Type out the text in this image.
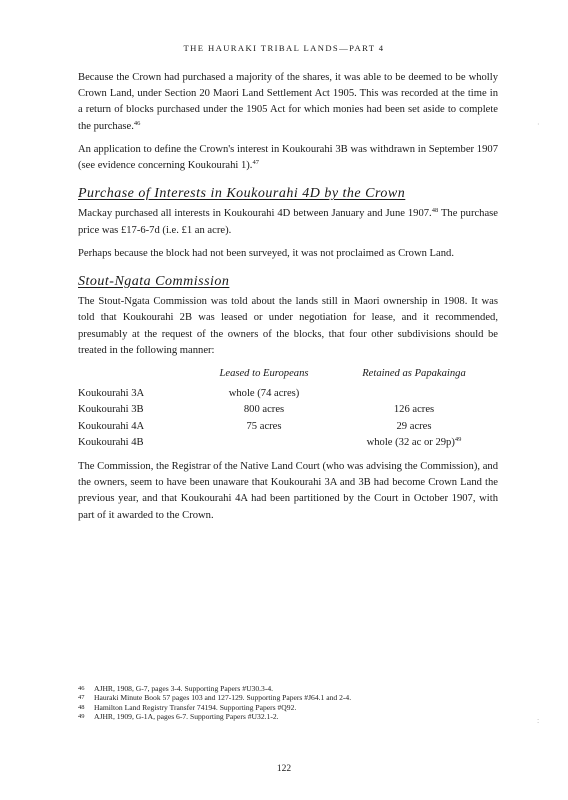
THE HAURAKI TRIBAL LANDS—PART 4

Because the Crown had purchased a majority of the shares, it was able to be deemed to be wholly Crown Land, under Section 20 Maori Land Settlement Act 1905. This was recorded at the time in a return of blocks purchased under the 1905 Act for which monies had been set aside to complete the purchase.$^{46}$

An application to define the Crown's interest in Koukourahi 3B was withdrawn in September 1907 (see evidence concerning Koukourahi 1).$^{47}$

Purchase of Interests in Koukourahi 4D by the Crown

Mackay purchased all interests in Koukourahi 4D between January and June 1907.48 The purchase price was £17-6-7d (i.e. £1 an acre).

Perhaps because the block had not been surveyed, it was not proclaimed as Crown Land.

Stout-Ngata Commission

The Stout-Ngata Commission was told about the lands still in Maori ownership in 1908. It was told that Koukourahi 2B was leased or under negotiation for lease, and it recommended, presumably at the request of the owners of the blocks, that four other subdivisions should be treated in the following manner:

	Leased to Europeans	Retained as Papakainga
Koukourahi 3A	whole (74 acres)	
Koukourahi 3B	800 acres	126 acres
Koukourahi 4A	75 acres	29 acres
Koukourahi 4B		whole (32 ac or 29p)$^{49}$

The Commission, the Registrar of the Native Land Court (who was advising the Commission), and the owners, seem to have been unaware that Koukourahi 3A and 3B had become Crown Land the previous year, and that Koukourahi 4A had been partitioned by the Court in October 1907, with part of it awarded to the Crown.

46	AJHR, 1908, G-7, pages 3-4. Supporting Papers #U30.3-4.
47	Hauraki Minute Book 57 pages 103 and 127-129. Supporting Papers #J64.1 and 2-4.
48	Hamilton Land Registry Transfer 74194. Supporting Papers #Q92.
49	AJHR, 1909, G-1A, pages 6-7. Supporting Papers #U32.1-2.
122
·
:
